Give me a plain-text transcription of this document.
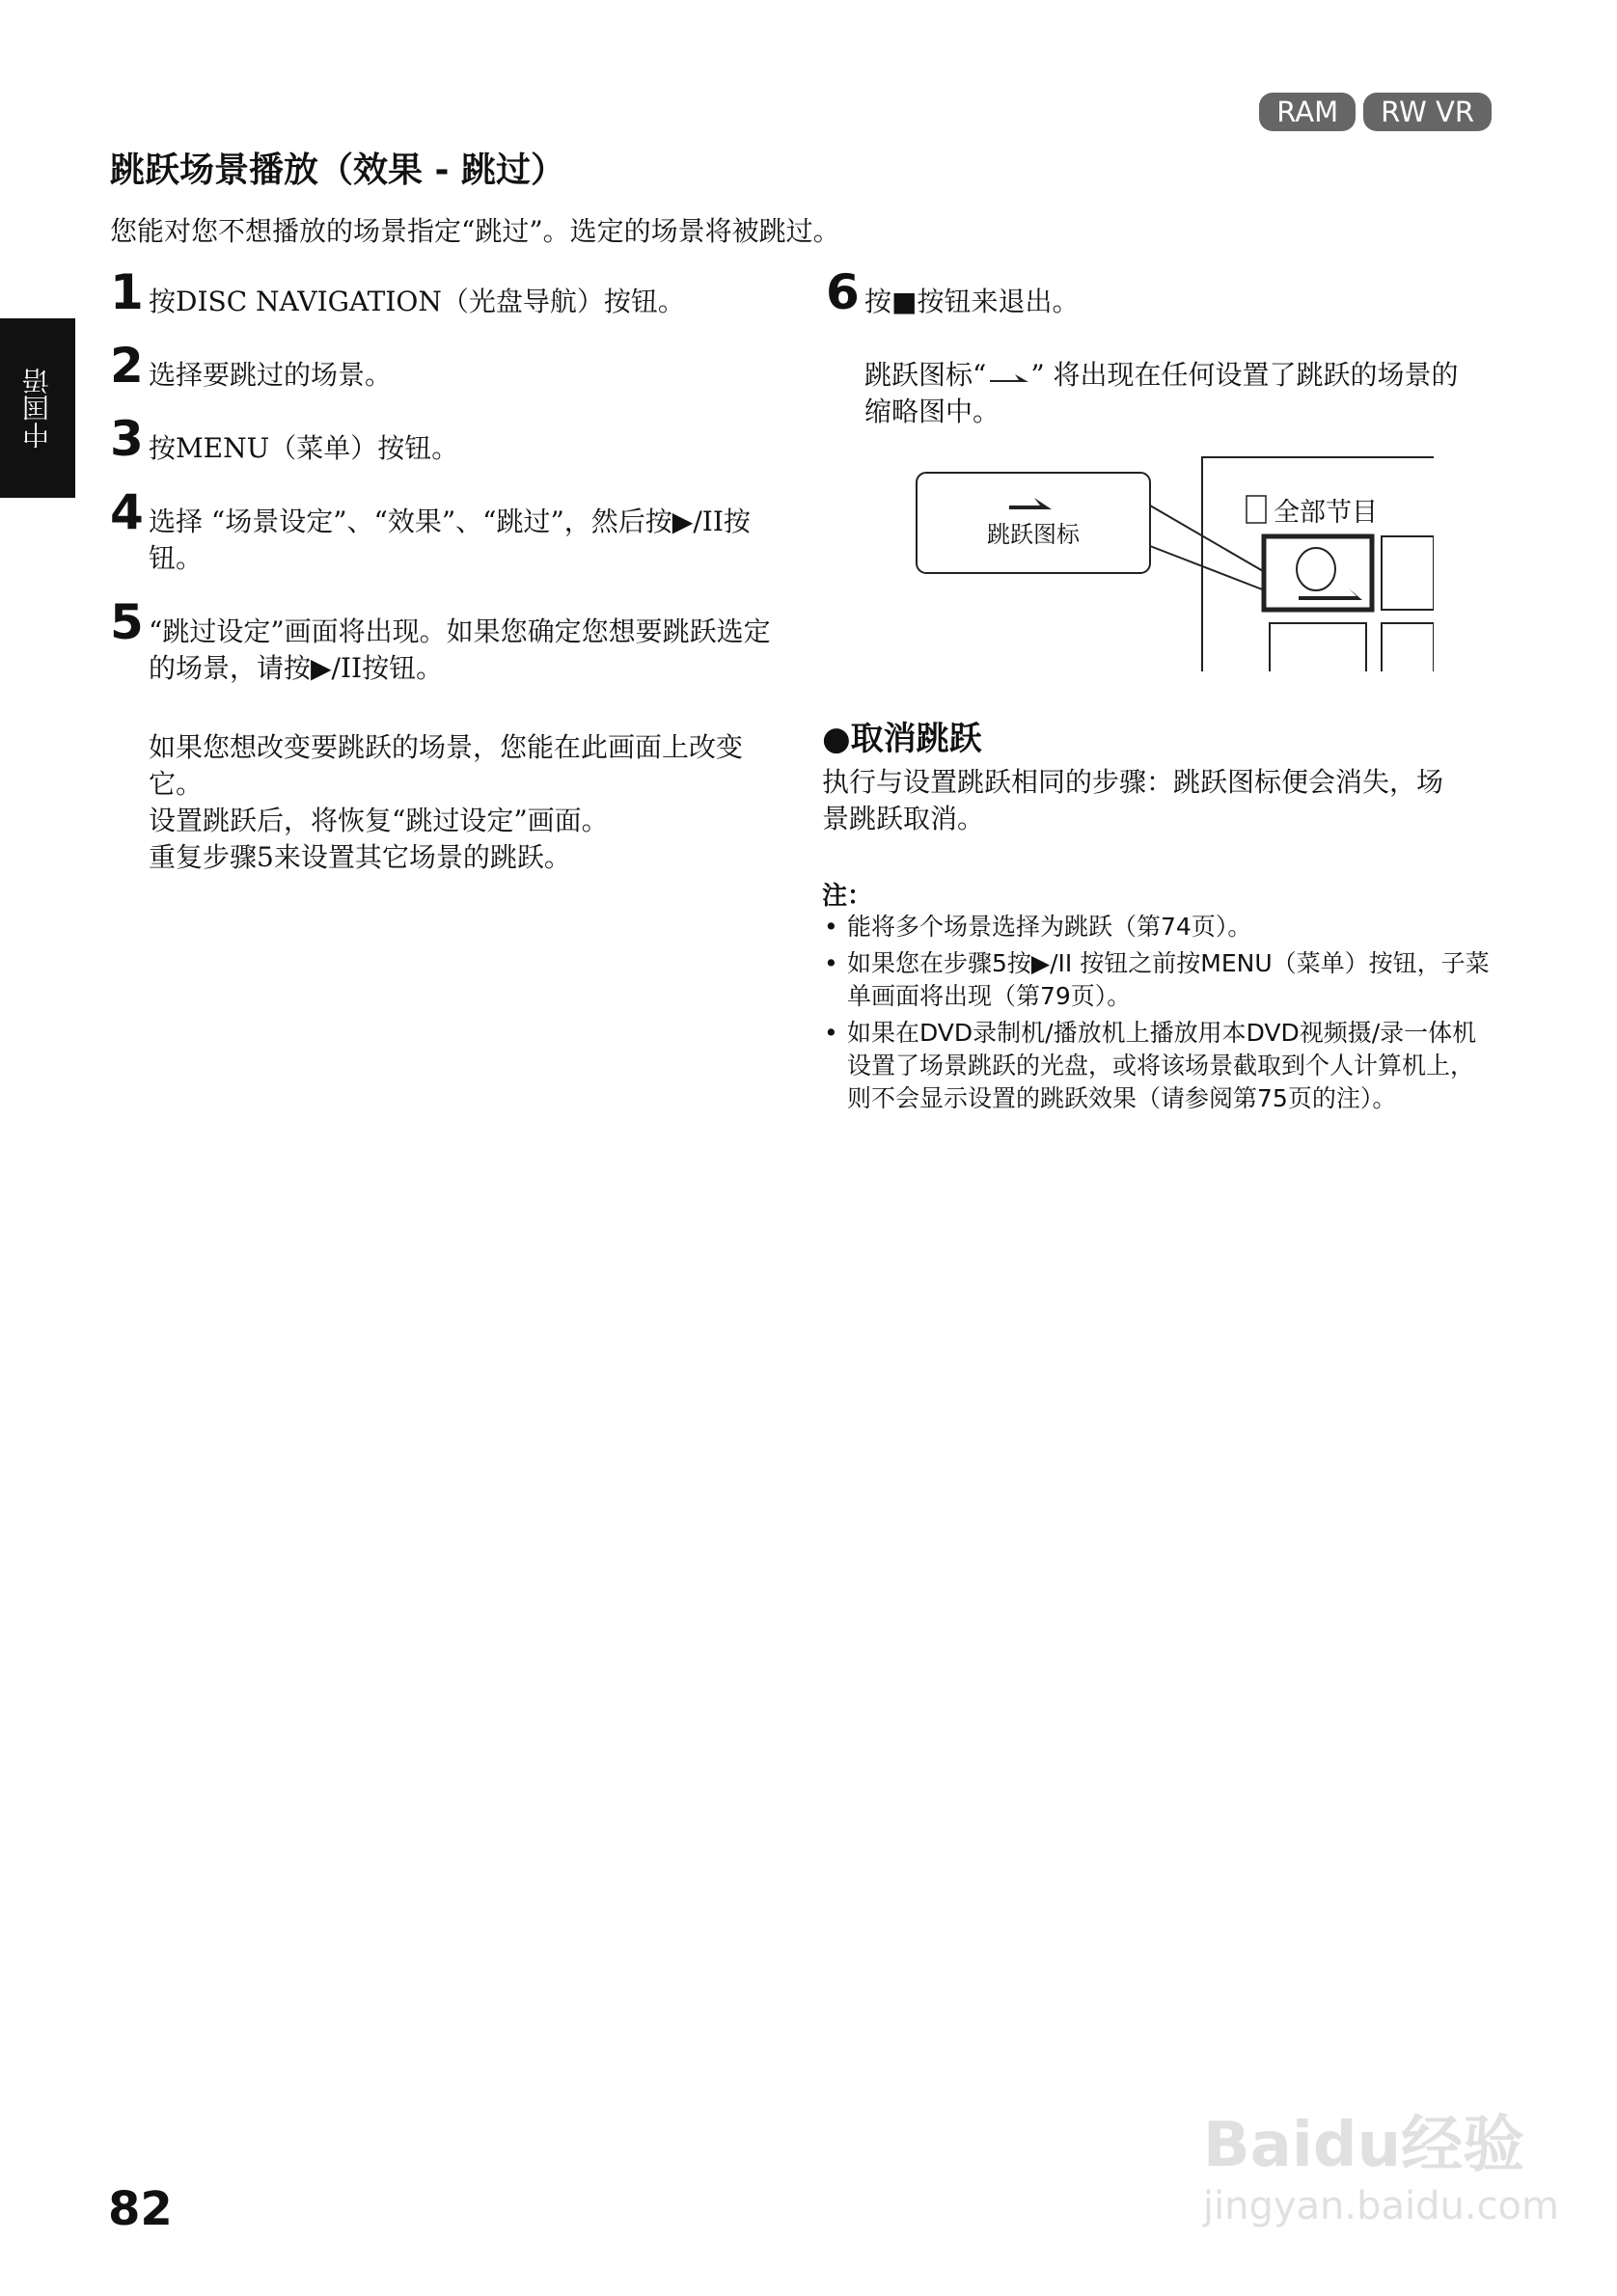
RAM	RW VR
中国语
跳跃场景播放（效果 - 跳过）
您能对您不想播放的场景指定“跳过”。选定的场景将被跳过。
1 按DISC NAVIGATION（光盘导航）按钮。
2 选择要跳过的场景。
3 按MENU（菜单）按钮。
4 选择 “场景设定”、“效果”、“跳过”，然后按▶/II按钮。
5 “跳过设定”画面将出现。如果您确定您想要跳跃选定的场景，请按▶/II按钮。
如果您想改变要跳跃的场景，您能在此画面上改变它。
设置跳跃后，将恢复“跳过设定”画面。
重复步骤5来设置其它场景的跳跃。
6 按■按钮来退出。
跳跃图标“ ” 将出现在任何设置了跳跃的场景的缩略图中。
跳跃图标
全部节目
●取消跳跃
执行与设置跳跃相同的步骤：跳跃图标便会消失，场景跳跃取消。
注：
• 能将多个场景选择为跳跃（第74页）。
• 如果您在步骤5按▶/II 按钮之前按MENU（菜单）按钮，子菜单画面将出现（第79页）。
• 如果在DVD录制机/播放机上播放用本DVD视频摄/录一体机设置了场景跳跃的光盘，或将该场景截取到个人计算机上，则不会显示设置的跳跃效果（请参阅第75页的注）。
82
Baidu经验
jingyan.baidu.com
